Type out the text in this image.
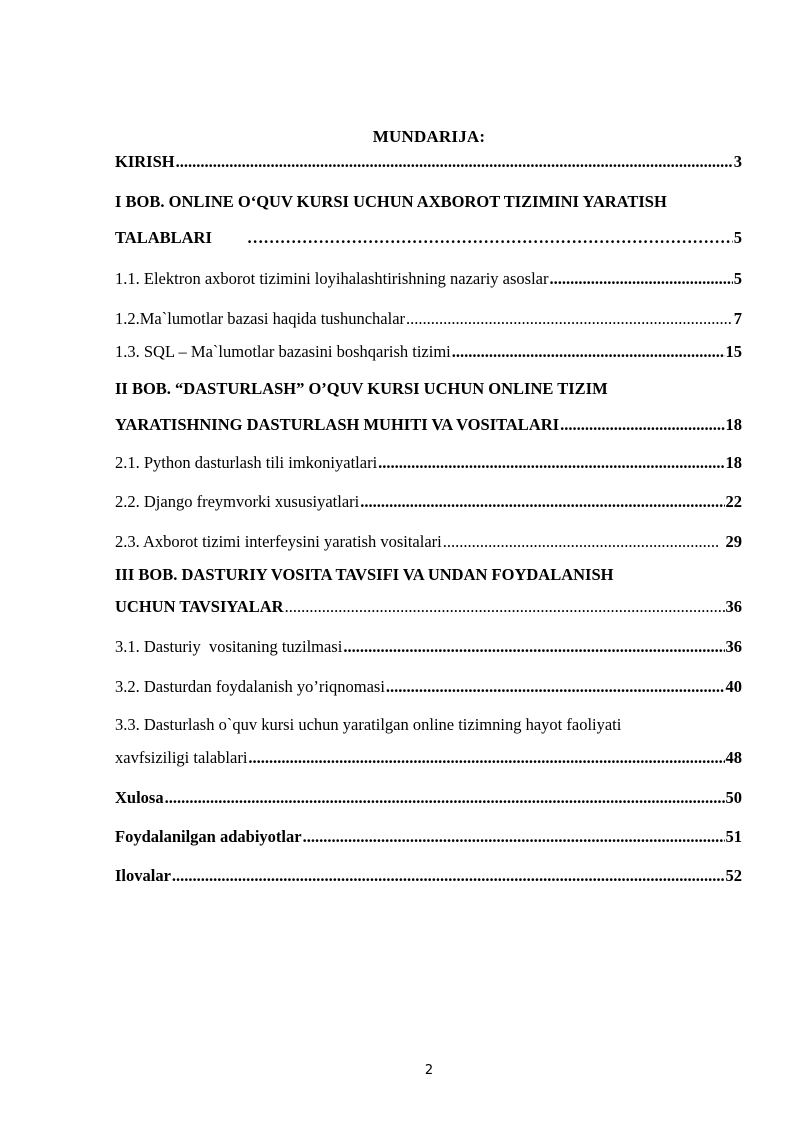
MUNDARIJA:
KIRISH .....	3
I BOB. ONLINE O‘QUV KURSI UCHUN AXBOROT TIZIMINI YARATISH
TALABLARI ………………………………………………………………………………………………………………………………………………………………	5
1.1. Elektron axborot tizimini loyihalashtirishning nazariy asoslar .....	5
1.2.Ma`lumotlar bazasi haqida tushunchalar .....	7
1.3. SQL – Ma`lumotlar bazasini boshqarish tizimi .....	15
II BOB. “DASTURLASH” O’QUV KURSI UCHUN ONLINE TIZIM
YARATISHNING DASTURLASH MUHITI VA VOSITALARI .....	18
2.1. Python dasturlash tili imkoniyatlari .....	18
2.2. Django freymvorki xususiyatlari .....	22
2.3. Axborot tizimi interfeysini yaratish vositalari .....	29
III BOB. DASTURIY VOSITA TAVSIFI VA UNDAN FOYDALANISH
UCHUN TAVSIYALAR .....	36
3.1. Dasturiy  vositaning tuzilmasi .....	36
3.2. Dasturdan foydalanish yo’riqnomasi .....	40
3.3. Dasturlash o`quv kursi uchun yaratilgan online tizimning hayot faoliyati
xavfsiziligi talablari .....	48
Xulosa .....	50
Foydalanilgan adabiyotlar .....	51
Ilovalar .....	52
2
